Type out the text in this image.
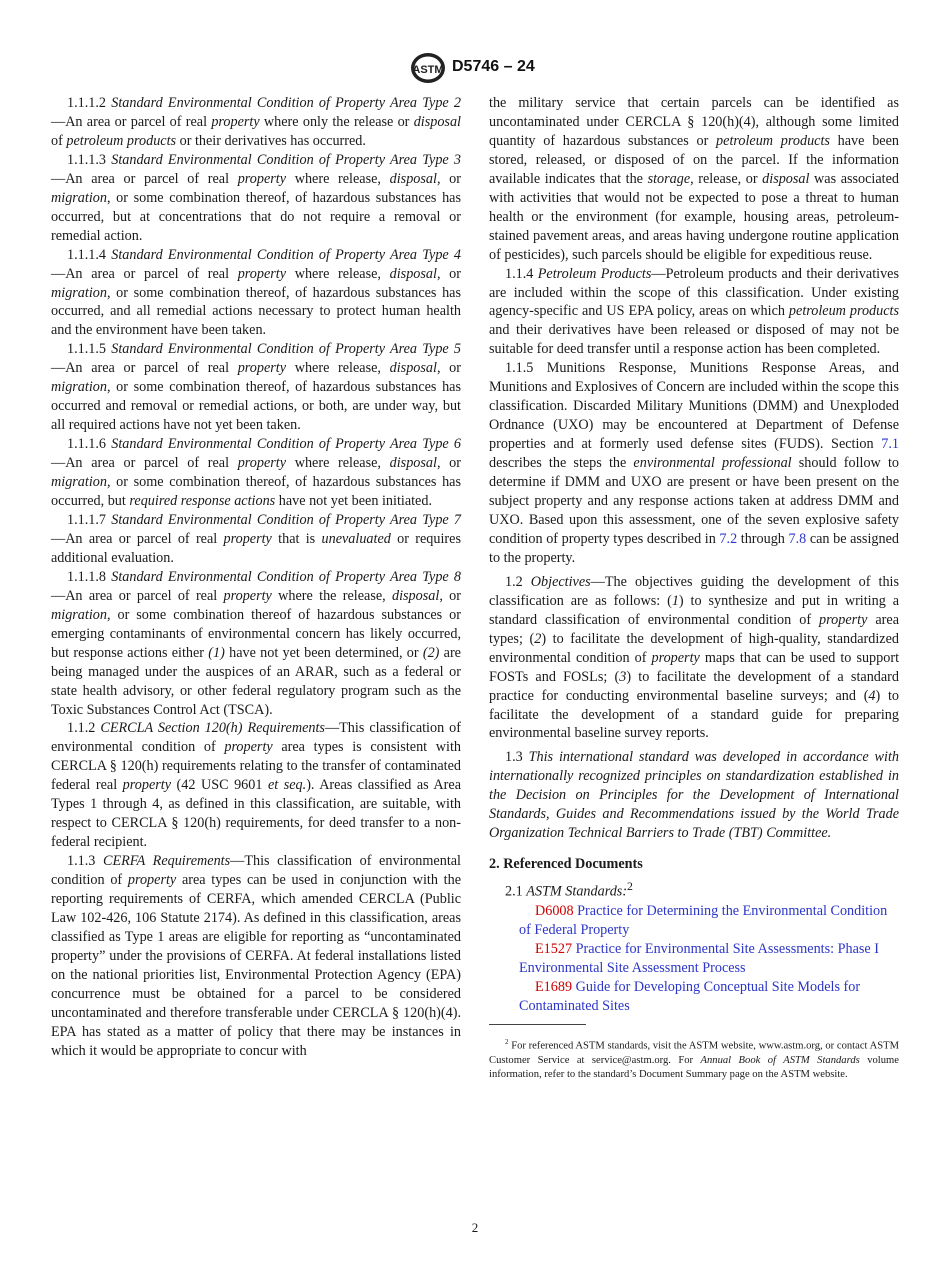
ASTM D5746 – 24

1.1.1.2 Standard Environmental Condition of Property Area Type 2—An area or parcel of real property where only the release or disposal of petroleum products or their derivatives has occurred.

1.1.1.3 Standard Environmental Condition of Property Area Type 3—An area or parcel of real property where release, disposal, or migration, or some combination thereof, of hazardous substances has occurred, but at concentrations that do not require a removal or remedial action.

1.1.1.4 Standard Environmental Condition of Property Area Type 4—An area or parcel of real property where release, disposal, or migration, or some combination thereof, of hazardous substances has occurred, and all remedial actions necessary to protect human health and the environment have been taken.

1.1.1.5 Standard Environmental Condition of Property Area Type 5—An area or parcel of real property where release, disposal, or migration, or some combination thereof, of hazardous substances has occurred and removal or remedial actions, or both, are under way, but all required actions have not yet been taken.

1.1.1.6 Standard Environmental Condition of Property Area Type 6—An area or parcel of real property where release, disposal, or migration, or some combination thereof, of hazardous substances has occurred, but required response actions have not yet been initiated.

1.1.1.7 Standard Environmental Condition of Property Area Type 7—An area or parcel of real property that is unevaluated or requires additional evaluation.

1.1.1.8 Standard Environmental Condition of Property Area Type 8—An area or parcel of real property where the release, disposal, or migration, or some combination thereof of hazardous substances or emerging contaminants of environmental concern has likely occurred, but response actions either (1) have not yet been determined, or (2) are being managed under the auspices of an ARAR, such as a federal or state health advisory, or other federal regulatory program such as the Toxic Substances Control Act (TSCA).

1.1.2 CERCLA Section 120(h) Requirements—This classification of environmental condition of property area types is consistent with CERCLA § 120(h) requirements relating to the transfer of contaminated federal real property (42 USC 9601 et seq.). Areas classified as Area Types 1 through 4, as defined in this classification, are suitable, with respect to CERCLA § 120(h) requirements, for deed transfer to a non-federal recipient.

1.1.3 CERFA Requirements—This classification of environmental condition of property area types can be used in conjunction with the reporting requirements of CERFA, which amended CERCLA (Public Law 102-426, 106 Statute 2174). As defined in this classification, areas classified as Type 1 areas are eligible for reporting as “uncontaminated property” under the provisions of CERFA. At federal installations listed on the national priorities list, Environmental Protection Agency (EPA) concurrence must be obtained for a parcel to be considered uncontaminated and therefore transferable under CERCLA § 120(h)(4). EPA has stated as a matter of policy that there may be instances in which it would be appropriate to concur with

the military service that certain parcels can be identified as uncontaminated under CERCLA § 120(h)(4), although some limited quantity of hazardous substances or petroleum products have been stored, released, or disposed of on the parcel. If the information available indicates that the storage, release, or disposal was associated with activities that would not be expected to pose a threat to human health or the environment (for example, housing areas, petroleum-stained pavement areas, and areas having undergone routine application of pesticides), such parcels should be eligible for expeditious reuse.

1.1.4 Petroleum Products—Petroleum products and their derivatives are included within the scope of this classification. Under existing agency-specific and US EPA policy, areas on which petroleum products and their derivatives have been released or disposed of may not be suitable for deed transfer until a response action has been completed.

1.1.5 Munitions Response, Munitions Response Areas, and Munitions and Explosives of Concern are included within the scope this classification. Discarded Military Munitions (DMM) and Unexploded Ordnance (UXO) may be encountered at Department of Defense properties and at formerly used defense sites (FUDS). Section 7.1 describes the steps the environmental professional should follow to determine if DMM and UXO are present or have been present on the subject property and any response actions taken at address DMM and UXO. Based upon this assessment, one of the seven explosive safety condition of property types described in 7.2 through 7.8 can be assigned to the property.

1.2 Objectives—The objectives guiding the development of this classification are as follows: (1) to synthesize and put in writing a standard classification of environmental condition of property area types; (2) to facilitate the development of high-quality, standardized environmental condition of property maps that can be used to support FOSTs and FOSLs; (3) to facilitate the development of a standard practice for conducting environmental baseline surveys; and (4) to facilitate the development of a standard guide for preparing environmental baseline survey reports.

1.3 This international standard was developed in accordance with internationally recognized principles on standardization established in the Decision on Principles for the Development of International Standards, Guides and Recommendations issued by the World Trade Organization Technical Barriers to Trade (TBT) Committee.

2. Referenced Documents

2.1 ASTM Standards:$^2$

D6008 Practice for Determining the Environmental Condition of Federal Property

E1527 Practice for Environmental Site Assessments: Phase I Environmental Site Assessment Process

E1689 Guide for Developing Conceptual Site Models for Contaminated Sites

$^2$ For referenced ASTM standards, visit the ASTM website, www.astm.org, or contact ASTM Customer Service at service@astm.org. For Annual Book of ASTM Standards volume information, refer to the standard’s Document Summary page on the ASTM website.

2
